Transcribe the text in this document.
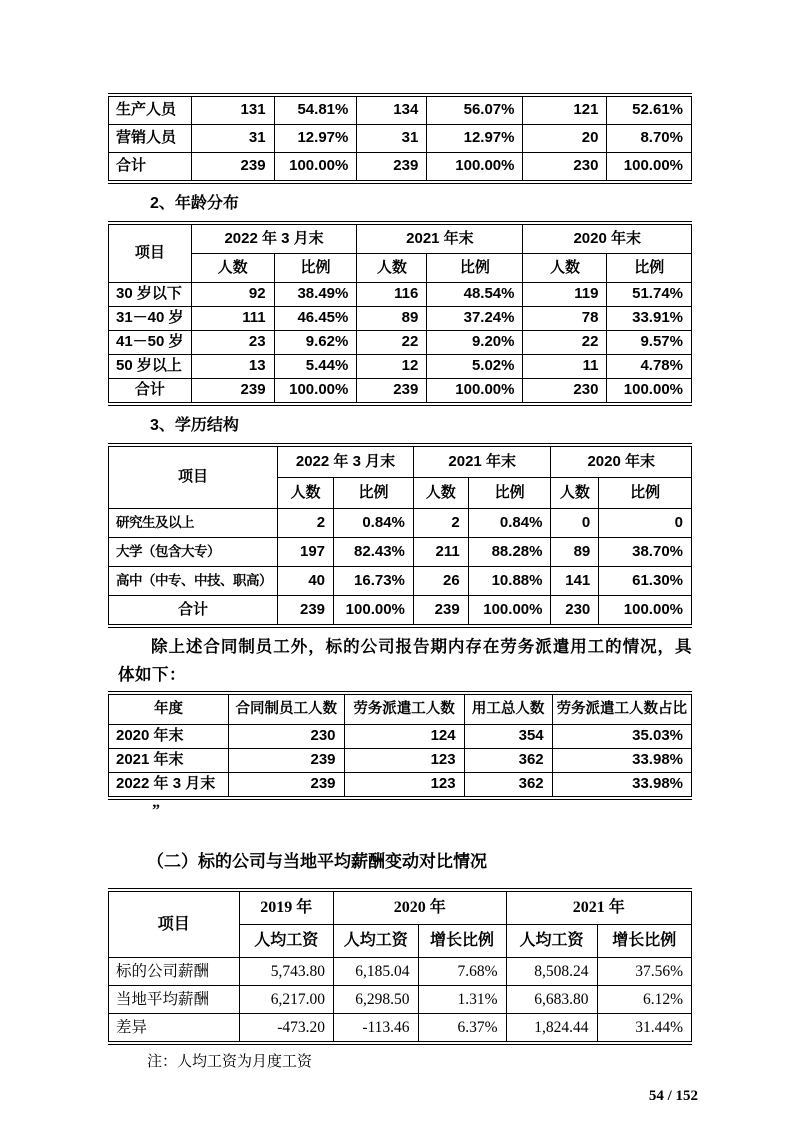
生产人员	131	54.81%	134	56.07%	121	52.61%
营销人员	31	12.97%	31	12.97%	20	8.70%
合计	239	100.00%	239	100.00%	230	100.00%
2、年龄分布
项目	2022 年 3 月末		2021 年末		2020 年末	
	人数	比例	人数	比例	人数	比例
30 岁以下	92	38.49%	116	48.54%	119	51.74%
31－40 岁	111	46.45%	89	37.24%	78	33.91%
41－50 岁	23	9.62%	22	9.20%	22	9.57%
50 岁以上	13	5.44%	12	5.02%	11	4.78%
合计	239	100.00%	239	100.00%	230	100.00%
3、学历结构
项目	2022 年 3 月末		2021 年末		2020 年末	
	人数	比例	人数	比例	人数	比例
研究生及以上	2	0.84%	2	0.84%	0	0
大学（包含大专）	197	82.43%	211	88.28%	89	38.70%
高中（中专、中技、职高）	40	16.73%	26	10.88%	141	61.30%
合计	239	100.00%	239	100.00%	230	100.00%
除上述合同制员工外，标的公司报告期内存在劳务派遣用工的情况，具体如下：
年度	合同制员工人数	劳务派遣工人数	用工总人数	劳务派遣工人数占比
2020 年末	230	124	354	35.03%
2021 年末	239	123	362	33.98%
2022 年 3 月末	239	123	362	33.98%
”
（二）标的公司与当地平均薪酬变动对比情况
项目	2019 年	2020 年		2021 年	
	人均工资	人均工资	增长比例	人均工资	增长比例
标的公司薪酬	5,743.80	6,185.04	7.68%	8,508.24	37.56%
当地平均薪酬	6,217.00	6,298.50	1.31%	6,683.80	6.12%
差异	-473.20	-113.46	6.37%	1,824.44	31.44%
注：人均工资为月度工资
54 / 152
